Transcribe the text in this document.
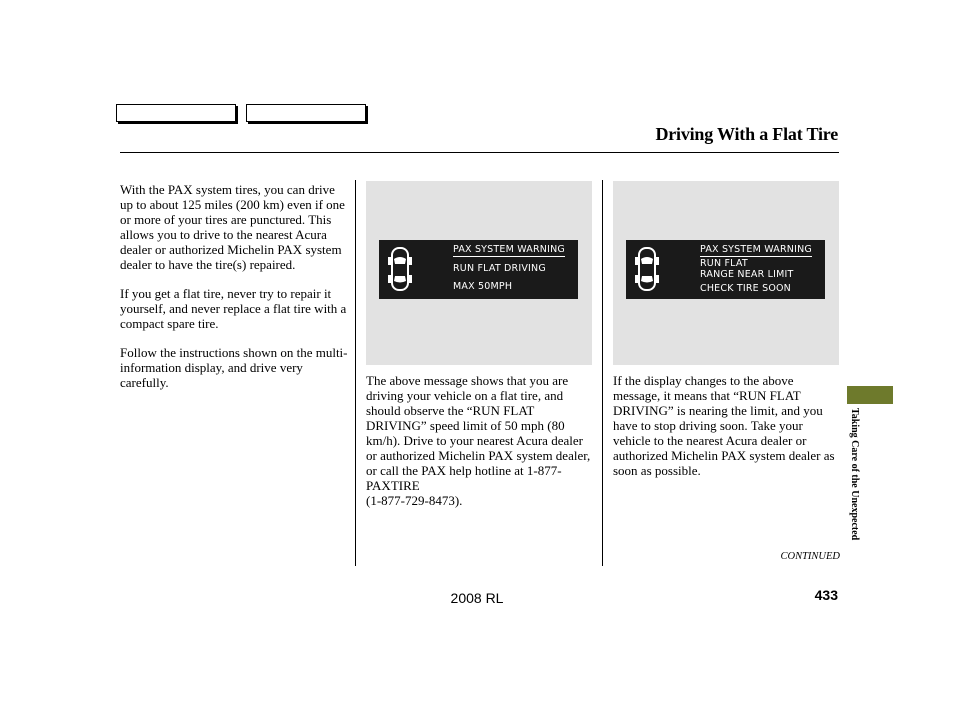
Driving With a Flat Tire

With the PAX system tires, you can drive up to about 125 miles (200 km) even if one or more of your tires are punctured. This allows you to drive to the nearest Acura dealer or authorized Michelin PAX system dealer to have the tire(s) repaired.

If you get a flat tire, never try to repair it yourself, and never replace a flat tire with a compact spare tire.

Follow the instructions shown on the multi-information display, and drive very carefully.

PAX SYSTEM WARNING
RUN FLAT DRIVING
MAX 50MPH
PAX SYSTEM WARNING
RUN FLAT
RANGE NEAR LIMIT
CHECK TIRE SOON
The above message shows that you are driving your vehicle on a flat tire, and should observe the “RUN FLAT DRIVING” speed limit of 50 mph (80 km/h). Drive to your nearest Acura dealer or authorized Michelin PAX system dealer, or call the PAX help hotline at 1-877-PAXTIRE
(1-877-729-8473).
If the display changes to the above message, it means that “RUN FLAT DRIVING” is nearing the limit, and you have to stop driving soon. Take your vehicle to the nearest Acura dealer or authorized Michelin PAX system dealer as soon as possible.	Taking Care of the Unexpected
CONTINUED
433
2008 RL
